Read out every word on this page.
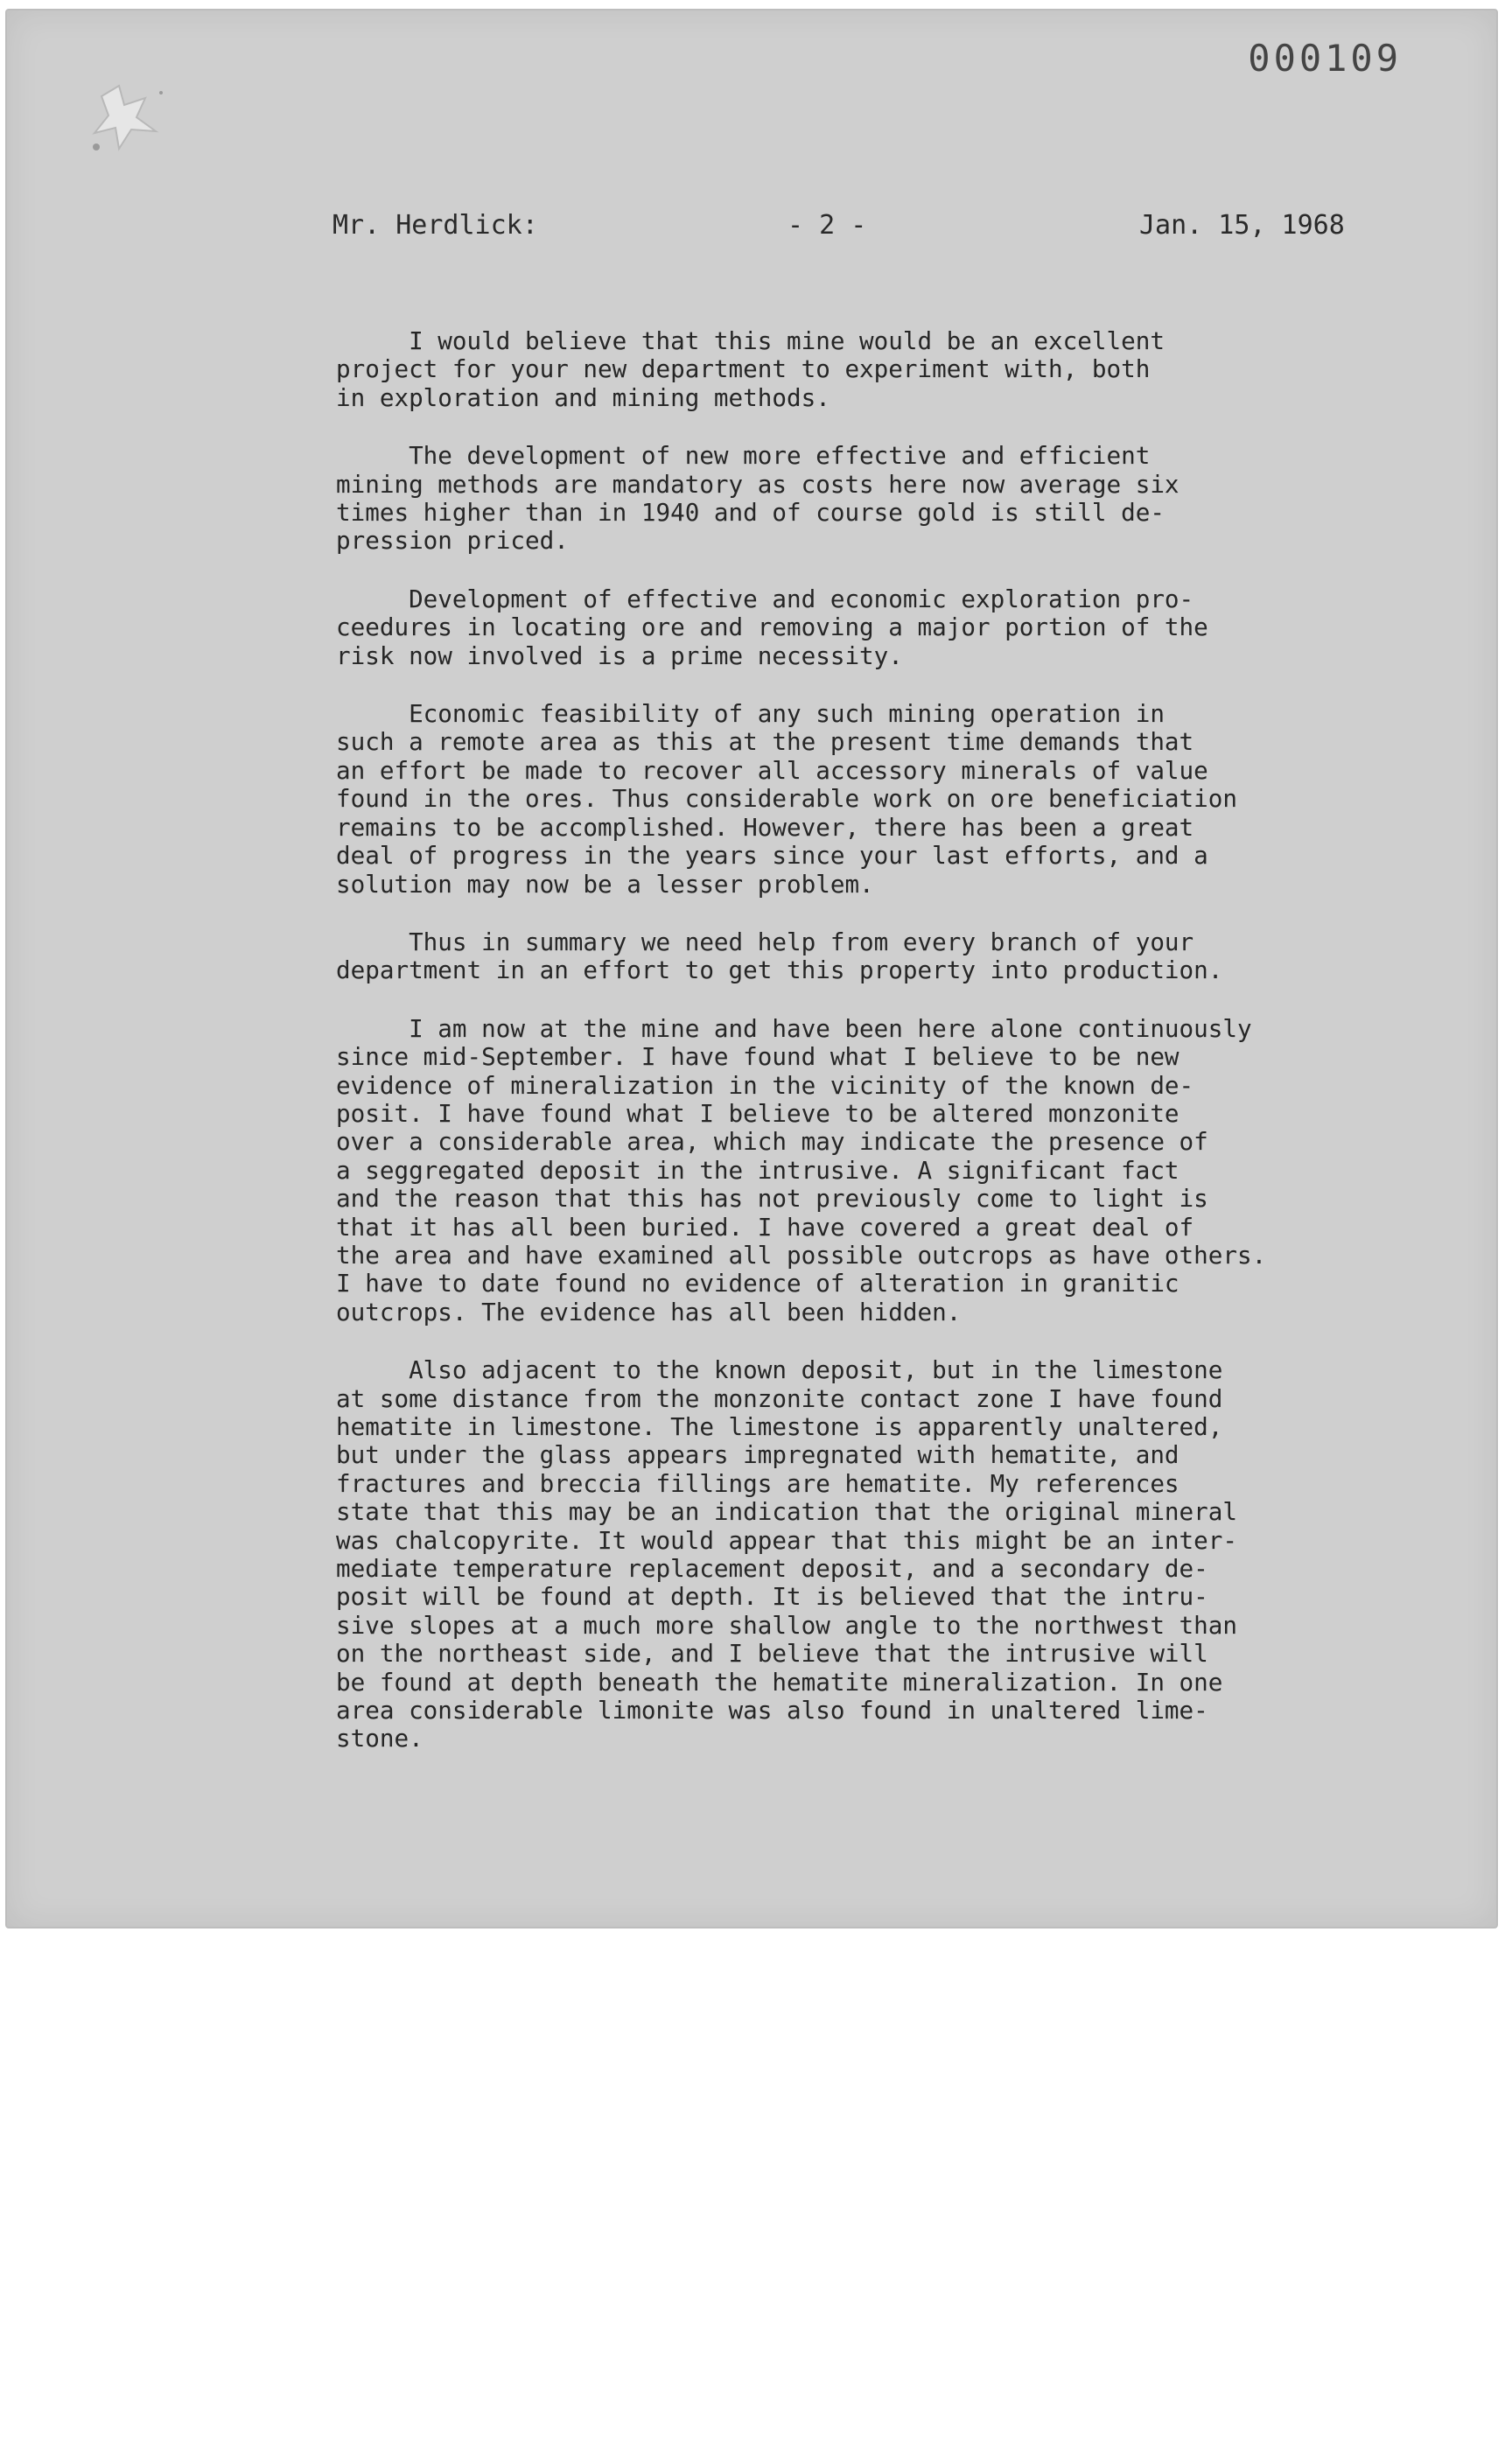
000109
Mr. Herdlick:	- 2 -	Jan. 15, 1968

I would believe that this mine would be an excellent
project for your new department to experiment with, both
in exploration and mining methods.

The development of new more effective and efficient
mining methods are mandatory as costs here now average six
times higher than in 1940 and of course gold is still de-
pression priced.

Development of effective and economic exploration pro-
ceedures in locating ore and removing a major portion of the
risk now involved is a prime necessity.

Economic feasibility of any such mining operation in
such a remote area as this at the present time demands that
an effort be made to recover all accessory minerals of value
found in the ores. Thus considerable work on ore beneficiation
remains to be accomplished. However, there has been a great
deal of progress in the years since your last efforts, and a
solution may now be a lesser problem.

Thus in summary we need help from every branch of your
department in an effort to get this property into production.

I am now at the mine and have been here alone continuously
since mid-September. I have found what I believe to be new
evidence of mineralization in the vicinity of the known de-
posit. I have found what I believe to be altered monzonite
over a considerable area, which may indicate the presence of
a seggregated deposit in the intrusive. A significant fact
and the reason that this has not previously come to light is
that it has all been buried. I have covered a great deal of
the area and have examined all possible outcrops as have others.
I have to date found no evidence of alteration in granitic
outcrops. The evidence has all been hidden.

Also adjacent to the known deposit, but in the limestone
at some distance from the monzonite contact zone I have found
hematite in limestone. The limestone is apparently unaltered,
but under the glass appears impregnated with hematite, and
fractures and breccia fillings are hematite. My references
state that this may be an indication that the original mineral
was chalcopyrite. It would appear that this might be an inter-
mediate temperature replacement deposit, and a secondary de-
posit will be found at depth. It is believed that the intru-
sive slopes at a much more shallow angle to the northwest than
on the northeast side, and I believe that the intrusive will
be found at depth beneath the hematite mineralization. In one
area considerable limonite was also found in unaltered lime-
stone.
